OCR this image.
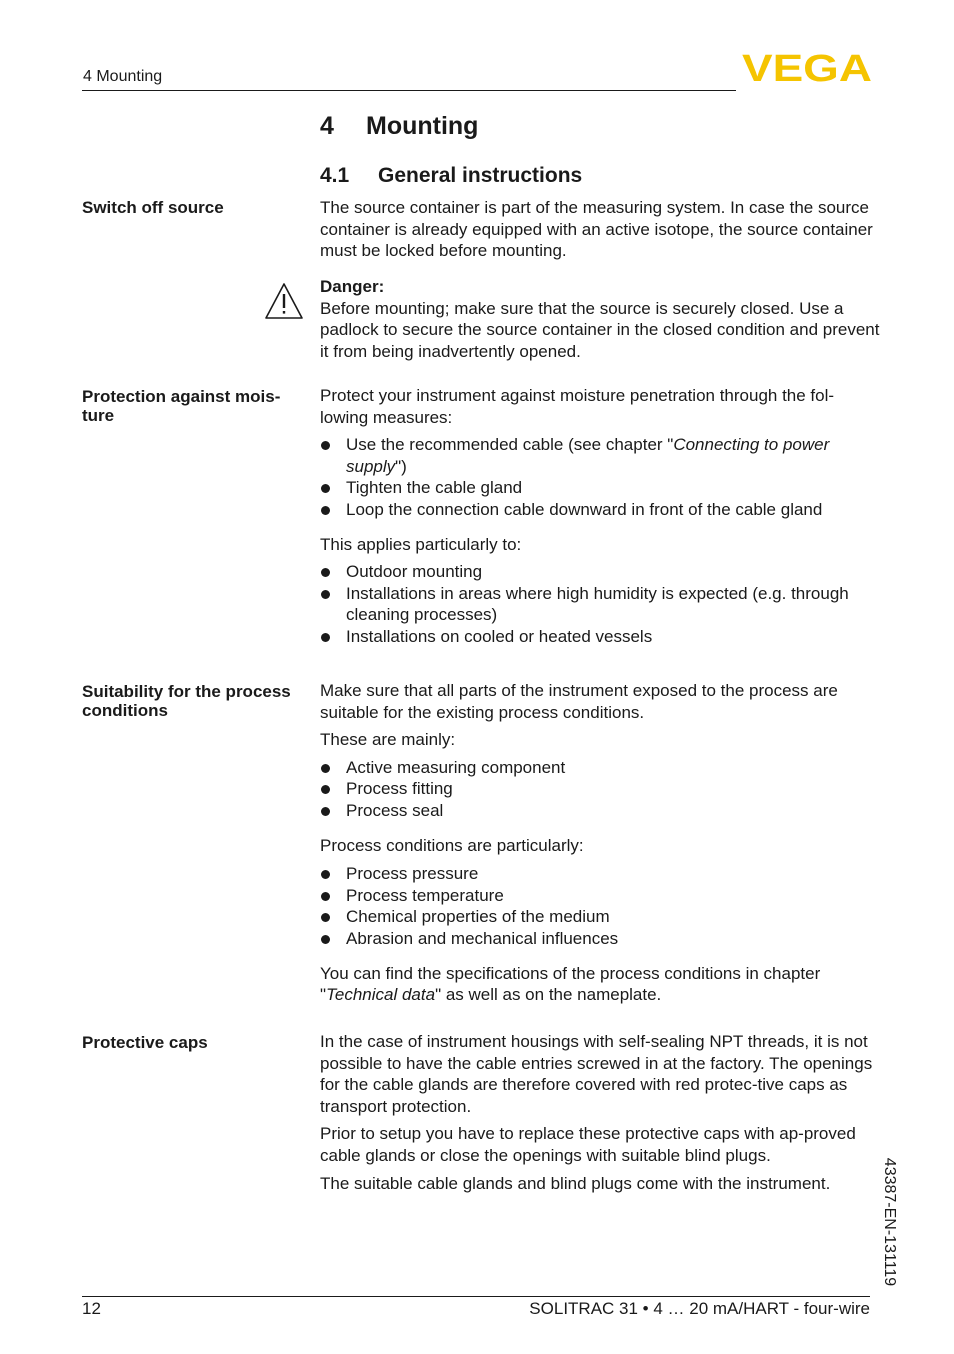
4 Mounting	VEGA
4 Mounting
4.1 General instructions
Switch off source	The source container is part of the measuring system. In case the source container is already equipped with an active isotope, the source container must be locked before mounting.

Danger:

Before mounting; make sure that the source is securely closed. Use a padlock to secure the source container in the closed condition and prevent it from being inadvertently opened.

Protection against mois-ture

Protect your instrument against moisture penetration through the fol-lowing measures:

Use the recommended cable (see chapter "Connecting to power supply")
Tighten the cable gland
Loop the connection cable downward in front of the cable gland

This applies particularly to:

Outdoor mounting
Installations in areas where high humidity is expected (e.g. through cleaning processes)
Installations on cooled or heated vessels
Suitability for the process conditions

Make sure that all parts of the instrument exposed to the process are suitable for the existing process conditions.

These are mainly:

Active measuring component
Process fitting
Process seal

Process conditions are particularly:

Process pressure
Process temperature
Chemical properties of the medium
Abrasion and mechanical influences

You can find the specifications of the process conditions in chapter "Technical data" as well as on the nameplate.

Protective caps	In the case of instrument housings with self-sealing NPT threads, it is not possible to have the cable entries screwed in at the factory. The openings for the cable glands are therefore covered with red protec-tive caps as transport protection.

Prior to setup you have to replace these protective caps with ap-proved cable glands or close the openings with suitable blind plugs.

The suitable cable glands and blind plugs come with the instrument.	43387-EN-131119
12	SOLITRAC 31 • 4 … 20 mA/HART - four-wire
